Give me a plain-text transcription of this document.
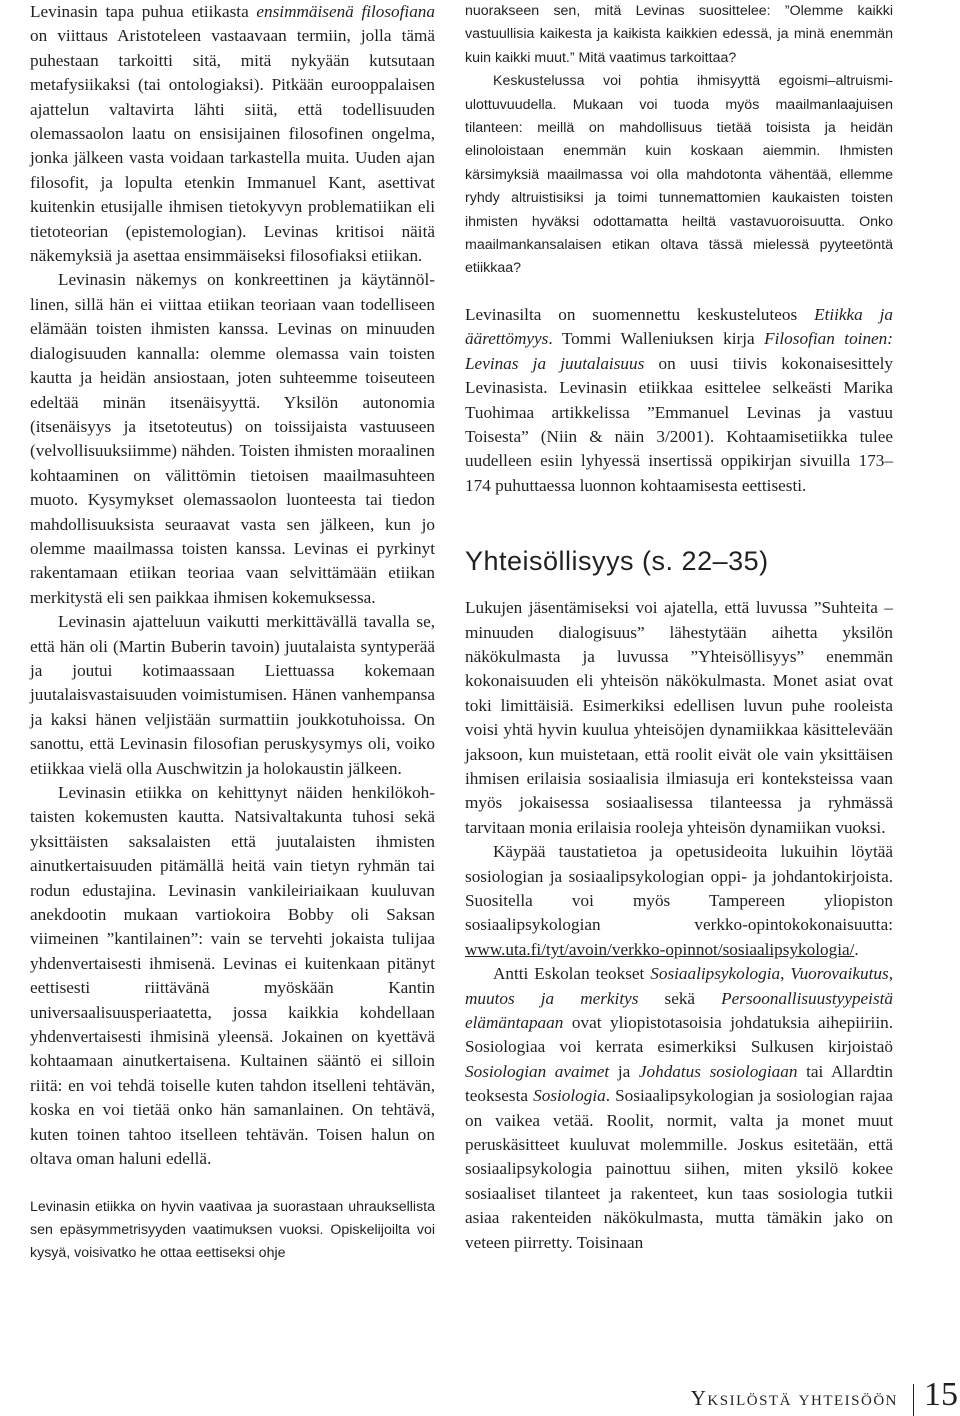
Levinasin tapa puhua etiikasta ensimmäisenä filosofiana on viittaus Aristoteleen vastaavaan termiin, jolla tämä puhestaan tarkoitti sitä, mitä nykyään kutsutaan metafysiikaksi (tai ontologiaksi). Pitkään eurooppalaisen ajattelun valtavirta lähti siitä, että todellisuuden olemassaolon laatu on ensisijainen filosofinen ongelma, jonka jälkeen vasta voidaan tarkastella muita. Uuden ajan filosofit, ja lopulta etenkin Immanuel Kant, asettivat kuitenkin etusijalle ihmisen tietokyvyn problematiikan eli tietoteorian (epistemologian). Levinas kritisoi näitä näkemyksiä ja asettaa ensimmäiseksi filosofiaksi etiikan.

Levinasin näkemys on konkreettinen ja käytännöllinen, sillä hän ei viittaa etiikan teoriaan vaan todelliseen elämään toisten ihmisten kanssa. Levinas on minuuden dialogisuuden kannalla: olemme olemassa vain toisten kautta ja heidän ansiostaan, joten suhteemme toiseuteen edeltää minän itsenäisyyttä. Yksilön autonomia (itsenäisyys ja itsetoteutus) on toissijaista vastuuseen (velvollisuuksiimme) nähden. Toisten ihmisten moraalinen kohtaaminen on välittömin tietoisen maailmasuhteen muoto. Kysymykset olemassaolon luonteesta tai tiedon mahdollisuuksista seuraavat vasta sen jälkeen, kun jo olemme maailmassa toisten kanssa. Levinas ei pyrkinyt rakentamaan etiikan teoriaa vaan selvittämään etiikan merkitystä eli sen paikkaa ihmisen kokemuksessa.

Levinasin ajatteluun vaikutti merkittävällä tavalla se, että hän oli (Martin Buberin tavoin) juutalaista syntyperää ja joutui kotimaassaan Liettuassa kokemaan juutalaisvastaisuuden voimistumisen. Hänen vanhempansa ja kaksi hänen veljistään surmattiin joukkotuhoissa. On sanottu, että Levinasin filosofian peruskysymys oli, voiko etiikkaa vielä olla Auschwitzin ja holokaustin jälkeen.

Levinasin etiikka on kehittynyt näiden henkilökohtaisten kokemusten kautta. Natsivaltakunta tuhosi sekä yksittäisten saksalaisten että juutalaisten ihmisten ainutkertaisuuden pitämällä heitä vain tietyn ryhmän tai rodun edustajina. Levinasin vankileiriaikaan kuuluvan anekdootin mukaan vartiokoira Bobby oli Saksan viimeinen ”kantilainen”: vain se tervehti jokaista tulijaa yhdenvertaisesti ihmisenä. Levinas ei kuitenkaan pitänyt eettisesti riittävänä myöskään Kantin universaalisuusperiaatetta, jossa kaikkia kohdellaan yhdenvertaisesti ihmisinä yleensä. Jokainen on kyettävä kohtaamaan ainutkertaisena. Kultainen sääntö ei silloin riitä: en voi tehdä toiselle kuten tahdon itselleni tehtävän, koska en voi tietää onko hän samanlainen. On tehtävä, kuten toinen tahtoo itselleen tehtävän. Toisen halun on oltava oman haluni edellä.

Levinasin etiikka on hyvin vaativaa ja suorastaan uhrauksellista sen epäsymmetrisyyden vaatimuksen vuoksi. Opiskelijoilta voi kysyä, voisivatko he ottaa eettiseksi ohje

nuorakseen sen, mitä Levinas suosittelee: ”Olemme kaikki vastuullisia kaikesta ja kaikista kaikkien edessä, ja minä enemmän kuin kaikki muut.” Mitä vaatimus tarkoittaa?

Keskustelussa voi pohtia ihmisyyttä egoismi–altruismiulottuvuudella. Mukaan voi tuoda myös maailmanlaajuisen tilanteen: meillä on mahdollisuus tietää toisista ja heidän elinoloistaan enemmän kuin koskaan aiemmin. Ihmisten kärsimyksiä maailmassa voi olla mahdotonta vähentää, ellemme ryhdy altruistisiksi ja toimi tunnemattomien kaukaisten toisten ihmisten hyväksi odottamatta heiltä vastavuoroisuutta. Onko maailmankansalaisen etikan oltava tässä mielessä pyyteetöntä etiikkaa?

Levinasilta on suomennettu keskusteluteos Etiikka ja äärettömyys. Tommi Walleniuksen kirja Filosofian toinen: Levinas ja juutalaisuus on uusi tiivis kokonaisesittely Levinasista. Levinasin etiikkaa esittelee selkeästi Marika Tuohimaa artikkelissa ”Emmanuel Levinas ja vastuu Toisesta” (Niin & näin 3/2001). Kohtaamisetiikka tulee uudelleen esiin lyhyessä insertissä oppikirjan sivuilla 173–174 puhuttaessa luonnon kohtaamisesta eettisesti.

Yhteisöllisyys (s. 22–35)

Lukujen jäsentämiseksi voi ajatella, että luvussa ”Suhteita – minuuden dialogisuus” lähestytään aihetta yksilön näkökulmasta ja luvussa ”Yhteisöllisyys” enemmän kokonaisuuden eli yhteisön näkökulmasta. Monet asiat ovat toki limittäisiä. Esimerkiksi edellisen luvun puhe rooleista voisi yhtä hyvin kuulua yhteisöjen dynamiikkaa käsittelevään jaksoon, kun muistetaan, että roolit eivät ole vain yksittäisen ihmisen erilaisia sosiaalisia ilmiasuja eri konteksteissa vaan myös jokaisessa sosiaalisessa tilanteessa ja ryhmässä tarvitaan monia erilaisia rooleja yhteisön dynamiikan vuoksi.

Käypää taustatietoa ja opetusideoita lukuihin löytää sosiologian ja sosiaalipsykologian oppi- ja johdantokirjoista. Suositella voi myös Tampereen yliopiston sosiaalipsykologian verkko-opintokokonaisuutta: www.uta.fi/tyt/avoin/verkko-opinnot/sosiaalipsykologia/.

Antti Eskolan teokset Sosiaalipsykologia, Vuorovaikutus, muutos ja merkitys sekä Persoonallisuustyypeistä elämäntapaan ovat yliopistotasoisia johdatuksia aihepiiriin. Sosiologiaa voi kerrata esimerkiksi Sulkusen kirjoistaö Sosiologian avaimet ja Johdatus sosiologiaan tai Allardtin teoksesta Sosiologia. Sosiaalipsykologian ja sosiologian rajaa on vaikea vetää. Roolit, normit, valta ja monet muut peruskäsitteet kuuluvat molemmille. Joskus esitetään, että sosiaalipsykologia painottuu siihen, miten yksilö kokee sosiaaliset tilanteet ja rakenteet, kun taas sosiologia tutkii asiaa rakenteiden näkökulmasta, mutta tämäkin jako on veteen piirretty. Toisinaan

Yksilöstä yhteisöön 15
